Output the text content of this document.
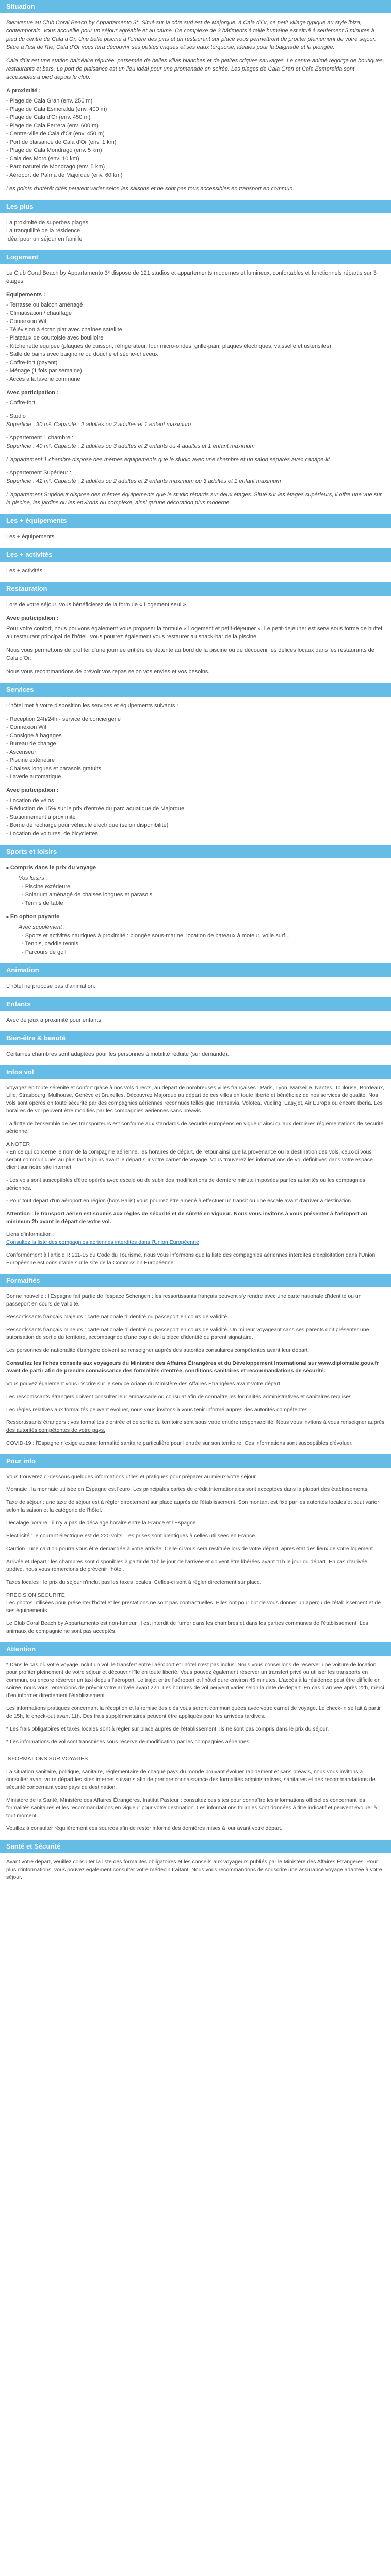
Situation

Bienvenue au Club Coral Beach by Appartamento 3*. Situé sur la côte sud est de Majorque, à Cala d'Or, ce petit village typique au style ibiza, contemporain, vous accueille pour un séjour agréable et au calme. Ce complexe de 3 bâtiments à taille humaine est situé à seulement 5 minutes à pied du centre de Cala d'Or. Une belle piscine à l'ombre des pins et un restaurant sur place vous permettront de profiter pleinement de votre séjour. Situé à l'est de l'île, Cala d'Or vous fera découvrir ses petites criques et ses eaux turquoise, idéales pour la baignade et la plongée.

Cala d'Or est une station balnéaire réputée, parsemée de belles villas blanches et de petites criques sauvages. Le centre animé regorge de boutiques, restaurants et bars. Le port de plaisance est un lieu idéal pour une promenade en soirée. Les plages de Cala Gran et Cala Esmeralda sont accessibles à pied depuis le club.

A proximité :
- Plage de Cala Gran (env. 250 m)
- Plage de Cala Esmeralda (env. 400 m)
- Plage de Cala d'Or (env. 450 m)
- Plage de Cala Ferrera (env. 600 m)
- Centre-ville de Cala d'Or (env. 450 m)
- Port de plaisance de Cala d'Or (env. 1 km)
- Plage de Cala Mondragó (env. 5 km)
- Cala des Moro (env. 10 km)
- Parc naturel de Mondragó (env. 5 km)
- Aéroport de Palma de Majorque (env. 60 km)

Les points d'intérêt cités peuvent varier selon les saisons et ne sont pas tous accessibles en transport en commun.

Les plus
La proximité de superbes plages
La tranquillité de la résidence
Idéal pour un séjour en famille
Logement

Le Club Coral Beach by Appartamento 3* dispose de 121 studios et appartements modernes et lumineux, confortables et fonctionnels répartis sur 3 étages.

Equipements :
- Terrasse ou balcon aménagé
- Climatisation / chauffage
- Connexion Wifi
- Télévision à écran plat avec chaînes satellite
- Plateaux de courtoisie avec bouilloire
- Kitchenette équipée (plaques de cuisson, réfrigérateur, four micro-ondes, grille-pain, plaques électriques, vaisselle et ustensiles)
- Salle de bains avec baignoire ou douche et sèche-cheveux
- Coffre-fort (payant)
- Ménage (1 fois par semaine)
- Accès à la laverie commune
Avec participation :
- Coffre-fort
- Studio :

Superficie : 30 m². Capacité : 2 adultes ou 2 adultes et 1 enfant maximum

- Appartement 1 chambre :

Superficie : 40 m². Capacité : 2 adultes ou 3 adultes et 2 enfants ou 4 adultes et 1 enfant maximum

L'appartement 1 chambre dispose des mêmes équipements que le studio avec une chambre et un salon séparés avec canapé-lit.

- Appartement Supérieur :

Superficie : 42 m². Capacité : 2 adultes ou 2 adultes et 2 enfants maximum ou 3 adultes et 1 enfant maximum

L'appartement Supérieur dispose des mêmes équipements que le studio répartis sur deux étages. Situé sur les étages supérieurs, il offre une vue sur la piscine, les jardins ou les environs du complexe, ainsi qu'une décoration plus moderne.

Les + équipements

Les + équipements

Les + activités

Les + activités

Restauration

Lors de votre séjour, vous bénéficierez de la formule « Logement seul ».

Avec participation :

Pour votre confort, nous pouvons également vous proposer la formule « Logement et petit-déjeuner ». Le petit-déjeuner est servi sous forme de buffet au restaurant principal de l'hôtel. Vous pourrez également vous restaurer au snack-bar de la piscine.

Nous vous permettons de profiter d'une journée entière de détente au bord de la piscine ou de découvrir les délices locaux dans les restaurants de Cala d'Or.

Nous vous recommandons de prévoir vos repas selon vos envies et vos besoins.

Services

L'hôtel met à votre disposition les services et équipements suivants :

- Réception 24h/24h - service de conciergerie
- Connexion Wifi
- Consigne à bagages
- Bureau de change
- Ascenseur
- Piscine extérieure
- Chaises longues et parasols gratuits
- Laverie automatique
Avec participation :
- Location de vélos
- Réduction de 15% sur le prix d'entrée du parc aquatique de Majorque
- Stationnement à proximité
- Borne de recharge pour véhicule électrique (selon disponibilité)
- Location de voitures, de bicyclettes
Sports et loisirs
■ Compris dans le prix du voyage
Vos loisirs :
- Piscine extérieure
- Solarium aménagé de chaises longues et parasols
- Tennis de table
■ En option payante
Avec supplément :
- Sports et activités nautiques à proximité : plongée sous-marine, location de bateaux à moteur, voile surf...
- Tennis, paddle tennis
- Parcours de golf
Animation

L'hôtel ne propose pas d'animation.

Enfants

Avec de jeux à proximité pour enfants.

Bien-être & beauté

Certaines chambres sont adaptées pour les personnes à mobilité réduite (sur demande).

Infos vol

Voyagez en toute sérénité et confort grâce à nos vols directs, au départ de nombreuses villes françaises : Paris, Lyon, Marseille, Nantes, Toulouse, Bordeaux, Lille, Strasbourg, Mulhouse, Genève et Bruxelles. Découvrez Majorque au départ de ces villes en toute liberté et bénéficiez de nos services de qualité. Nos vols sont opérés en toute sécurité par des compagnies aériennes reconnues telles que Transavia, Volotea, Vueling, Easyjet, Air Europa ou encore Iberia. Les horaires de vol peuvent être modifiés par les compagnies aériennes sans préavis.

La flotte de l'ensemble de ces transporteurs est conforme aux standards de sécurité européens en vigueur ainsi qu'aux dernières réglementations de sécurité aérienne.

A NOTER :

- En ce qui concerne le nom de la compagnie aérienne, les horaires de départ, de retour ainsi que la provenance ou la destination des vols, ceux-ci vous seront communiqués au plus tard 8 jours avant le départ sur votre carnet de voyage. Vous trouverez les informations de vol définitives dans votre espace client sur notre site internet.

- Les vols sont susceptibles d'être opérés avec escale ou de subir des modifications de dernière minute imposées par les autorités ou les compagnies aériennes.

- Pour tout départ d'un aéroport en région (hors Paris) vous pourrez être amené à effectuer un transit ou une escale avant d'arriver à destination.

Attention : le transport aérien est soumis aux règles de sécurité et de sûreté en vigueur. Nous vous invitons à vous présenter à l'aéroport au minimum 2h avant le départ de votre vol.

Liens d'information :

Consultez la liste des compagnies aériennes interdites dans l'Union Européenne

Conformément à l'article R.211-15 du Code du Tourisme, nous vous informons que la liste des compagnies aériennes interdites d'exploitation dans l'Union Européenne est consultable sur le site de la Commission Européenne.

Formalités

Bonne nouvelle : l'Espagne fait partie de l'espace Schengen : les ressortissants français peuvent s'y rendre avec une carte nationale d'identité ou un passeport en cours de validité.

Ressortissants français majeurs : carte nationale d'identité ou passeport en cours de validité.

Ressortissants français mineurs : carte nationale d'identité ou passeport en cours de validité. Un mineur voyageant sans ses parents doit présenter une autorisation de sortie du territoire, accompagnée d'une copie de la pièce d'identité du parent signataire.

Les personnes de nationalité étrangère doivent se renseigner auprès des autorités consulaires compétentes avant leur départ.

Consultez les fiches conseils aux voyageurs du Ministère des Affaires Étrangères et du Développement International sur www.diplomatie.gouv.fr avant de partir afin de prendre connaissance des formalités d'entrée, conditions sanitaires et recommandations de sécurité.

Vous pouvez également vous inscrire sur le service Ariane du Ministère des Affaires Étrangères avant votre départ.

Les ressortissants étrangers doivent consulter leur ambassade ou consulat afin de connaître les formalités administratives et sanitaires requises.

Les règles relatives aux formalités peuvent évoluer, nous vous invitons à vous tenir informé auprès des autorités compétentes.

Ressortissants étrangers : vos formalités d'entrée et de sortie du territoire sont sous votre entière responsabilité. Nous vous invitons à vous renseigner auprès des autorités compétentes de votre pays.

COVID-19 : l'Espagne n'exige aucune formalité sanitaire particulière pour l'entrée sur son territoire. Ces informations sont susceptibles d'évoluer.

Pour info

Vous trouverez ci-dessous quelques informations utiles et pratiques pour préparer au mieux votre séjour.

Monnaie : la monnaie utilisée en Espagne est l'euro. Les principales cartes de crédit internationales sont acceptées dans la plupart des établissements.

Taxe de séjour : une taxe de séjour est à régler directement sur place auprès de l'établissement. Son montant est fixé par les autorités locales et peut varier selon la saison et la catégorie de l'hôtel.

Décalage horaire : il n'y a pas de décalage horaire entre la France et l'Espagne.

Électricité : le courant électrique est de 220 volts. Les prises sont identiques à celles utilisées en France.

Caution : une caution pourra vous être demandée à votre arrivée. Celle-ci vous sera restituée lors de votre départ, après état des lieux de votre logement.

Arrivée et départ : les chambres sont disponibles à partir de 15h le jour de l'arrivée et doivent être libérées avant 11h le jour du départ. En cas d'arrivée tardive, nous vous remercions de prévenir l'hôtel.

Taxes locales : le prix du séjour n'inclut pas les taxes locales. Celles-ci sont à régler directement sur place.

PRÉCISION SÉCURITÉ

Les photos utilisées pour présenter l'hôtel et les prestations ne sont pas contractuelles. Elles ont pour but de vous donner un aperçu de l'établissement et de ses équipements.

Le Club Coral Beach by Appartamento est non-fumeur. Il est interdit de fumer dans les chambres et dans les parties communes de l'établissement. Les animaux de compagnie ne sont pas acceptés.

Attention

* Dans le cas où votre voyage inclut un vol, le transfert entre l'aéroport et l'hôtel n'est pas inclus. Nous vous conseillons de réserver une voiture de location pour profiter pleinement de votre séjour et découvrir l'île en toute liberté. Vous pouvez également réserver un transfert privé ou utiliser les transports en commun, ou encore réserver un taxi depuis l'aéroport. Le trajet entre l'aéroport et l'hôtel dure environ 45 minutes. L'accès à la résidence peut être difficile en soirée, nous vous remercions de prévoir votre arrivée avant 22h. Les horaires de vol peuvent varier selon la date de départ. En cas d'arrivée après 22h, merci d'en informer directement l'établissement.

Les informations pratiques concernant la réception et la remise des clés vous seront communiquées avec votre carnet de voyage. Le check-in se fait à partir de 15h, le check-out avant 11h. Des frais supplémentaires peuvent être appliqués pour les arrivées tardives.

* Les frais obligatoires et taxes locales sont à régler sur place auprès de l'établissement. Ils ne sont pas compris dans le prix du séjour.

* Les informations de vol sont transmises sous réserve de modification par les compagnies aériennes.

INFORMATIONS SUR VOYAGES

La situation sanitaire, politique, sanitaire, réglementaire de chaque pays du monde pouvant évoluer rapidement et sans préavis, nous vous invitons à consulter avant votre départ les sites internet suivants afin de prendre connaissance des formalités administratives, sanitaires et des recommandations de sécurité concernant votre pays de destination.

Ministère de la Santé, Ministère des Affaires Étrangères, Institut Pasteur : consultez ces sites pour connaître les informations officielles concernant les formalités sanitaires et les recommandations en vigueur pour votre destination. Les informations fournies sont données à titre indicatif et peuvent évoluer à tout moment.

Veuillez à consulter régulièrement ces sources afin de rester informé des dernières mises à jour avant votre départ.

Santé et Sécurité

Avant votre départ, veuillez consulter la liste des formalités obligatoires et les conseils aux voyageurs publiés par le Ministère des Affaires Étrangères. Pour plus d'informations, vous pouvez également consulter votre médecin traitant. Nous vous recommandons de souscrire une assurance voyage adaptée à votre séjour.
